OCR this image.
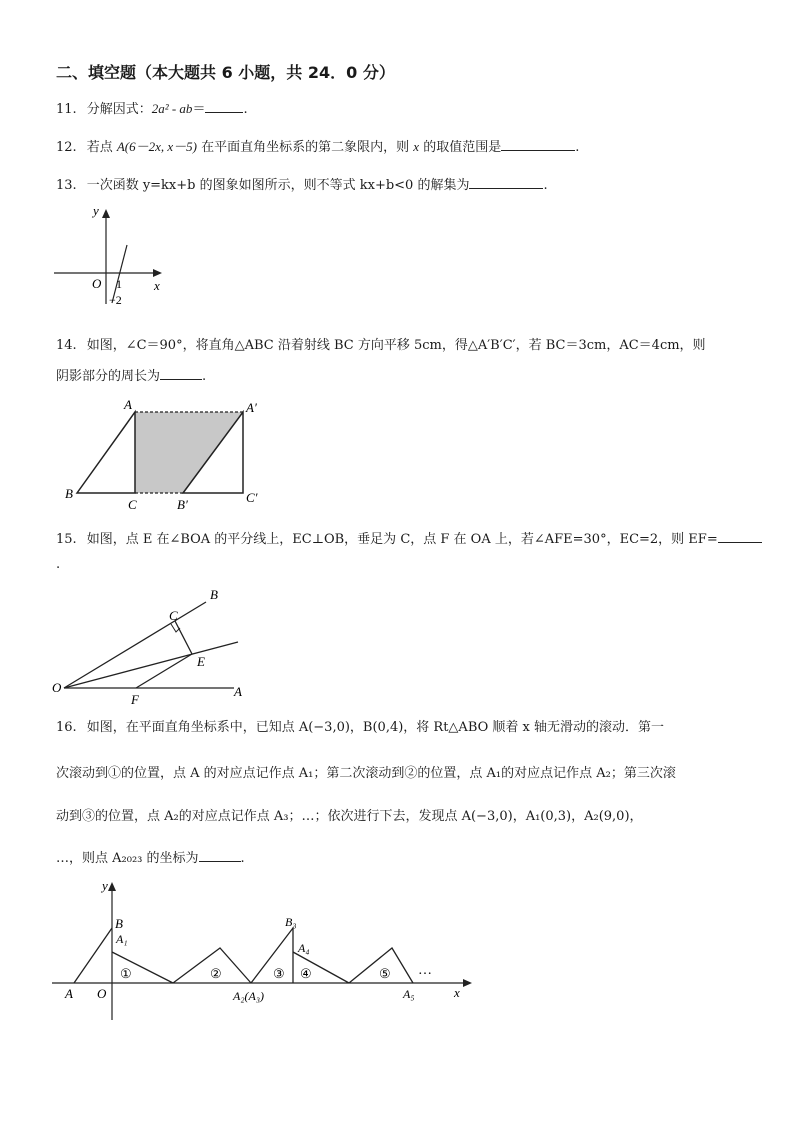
二、填空题（本大题共 6 小题，共 24．0 分）
11. 分解因式：2a² - ab＝	.
12. 若点 A(6－2x, x－5) 在平面直角坐标系的第二象限内，则 x 的取值范围是	.
13. 一次函数 y=kx+b 的图象如图所示，则不等式 kx+b<0 的解集为	.
y
x
O 1
−2
14. 如图，∠C＝90°，将直角△ABC 沿着射线 BC 方向平移 5cm，得△A′B′C′，若 BC＝3cm，AC＝4cm，则
阴影部分的周长为	.
A	A′
B
C	B′	C′
15. 如图，点 E 在∠BOA 的平分线上，EC⊥OB，垂足为 C，点 F 在 OA 上，若∠AFE=30°，EC=2，则 EF=
.
B
C
E
O
F
A
16. 如图，在平面直角坐标系中，已知点 A(−3,0)，B(0,4)，将 Rt△ABO 顺着 x 轴无滑动的滚动．第一
次滚动到①的位置，点 A 的对应点记作点 A₁；第二次滚动到②的位置，点 A₁的对应点记作点 A₂；第三次滚
动到③的位置，点 A₂的对应点记作点 A₃；…；依次进行下去，发现点 A(−3,0)，A₁(0,3)，A₂(9,0)，
…，则点 A₂₀₂₃ 的坐标为	.
y
x
A O
B
A₁
B₃
A₄
A₂(A₃)	A₅
①	②	③ ④	⑤ …
